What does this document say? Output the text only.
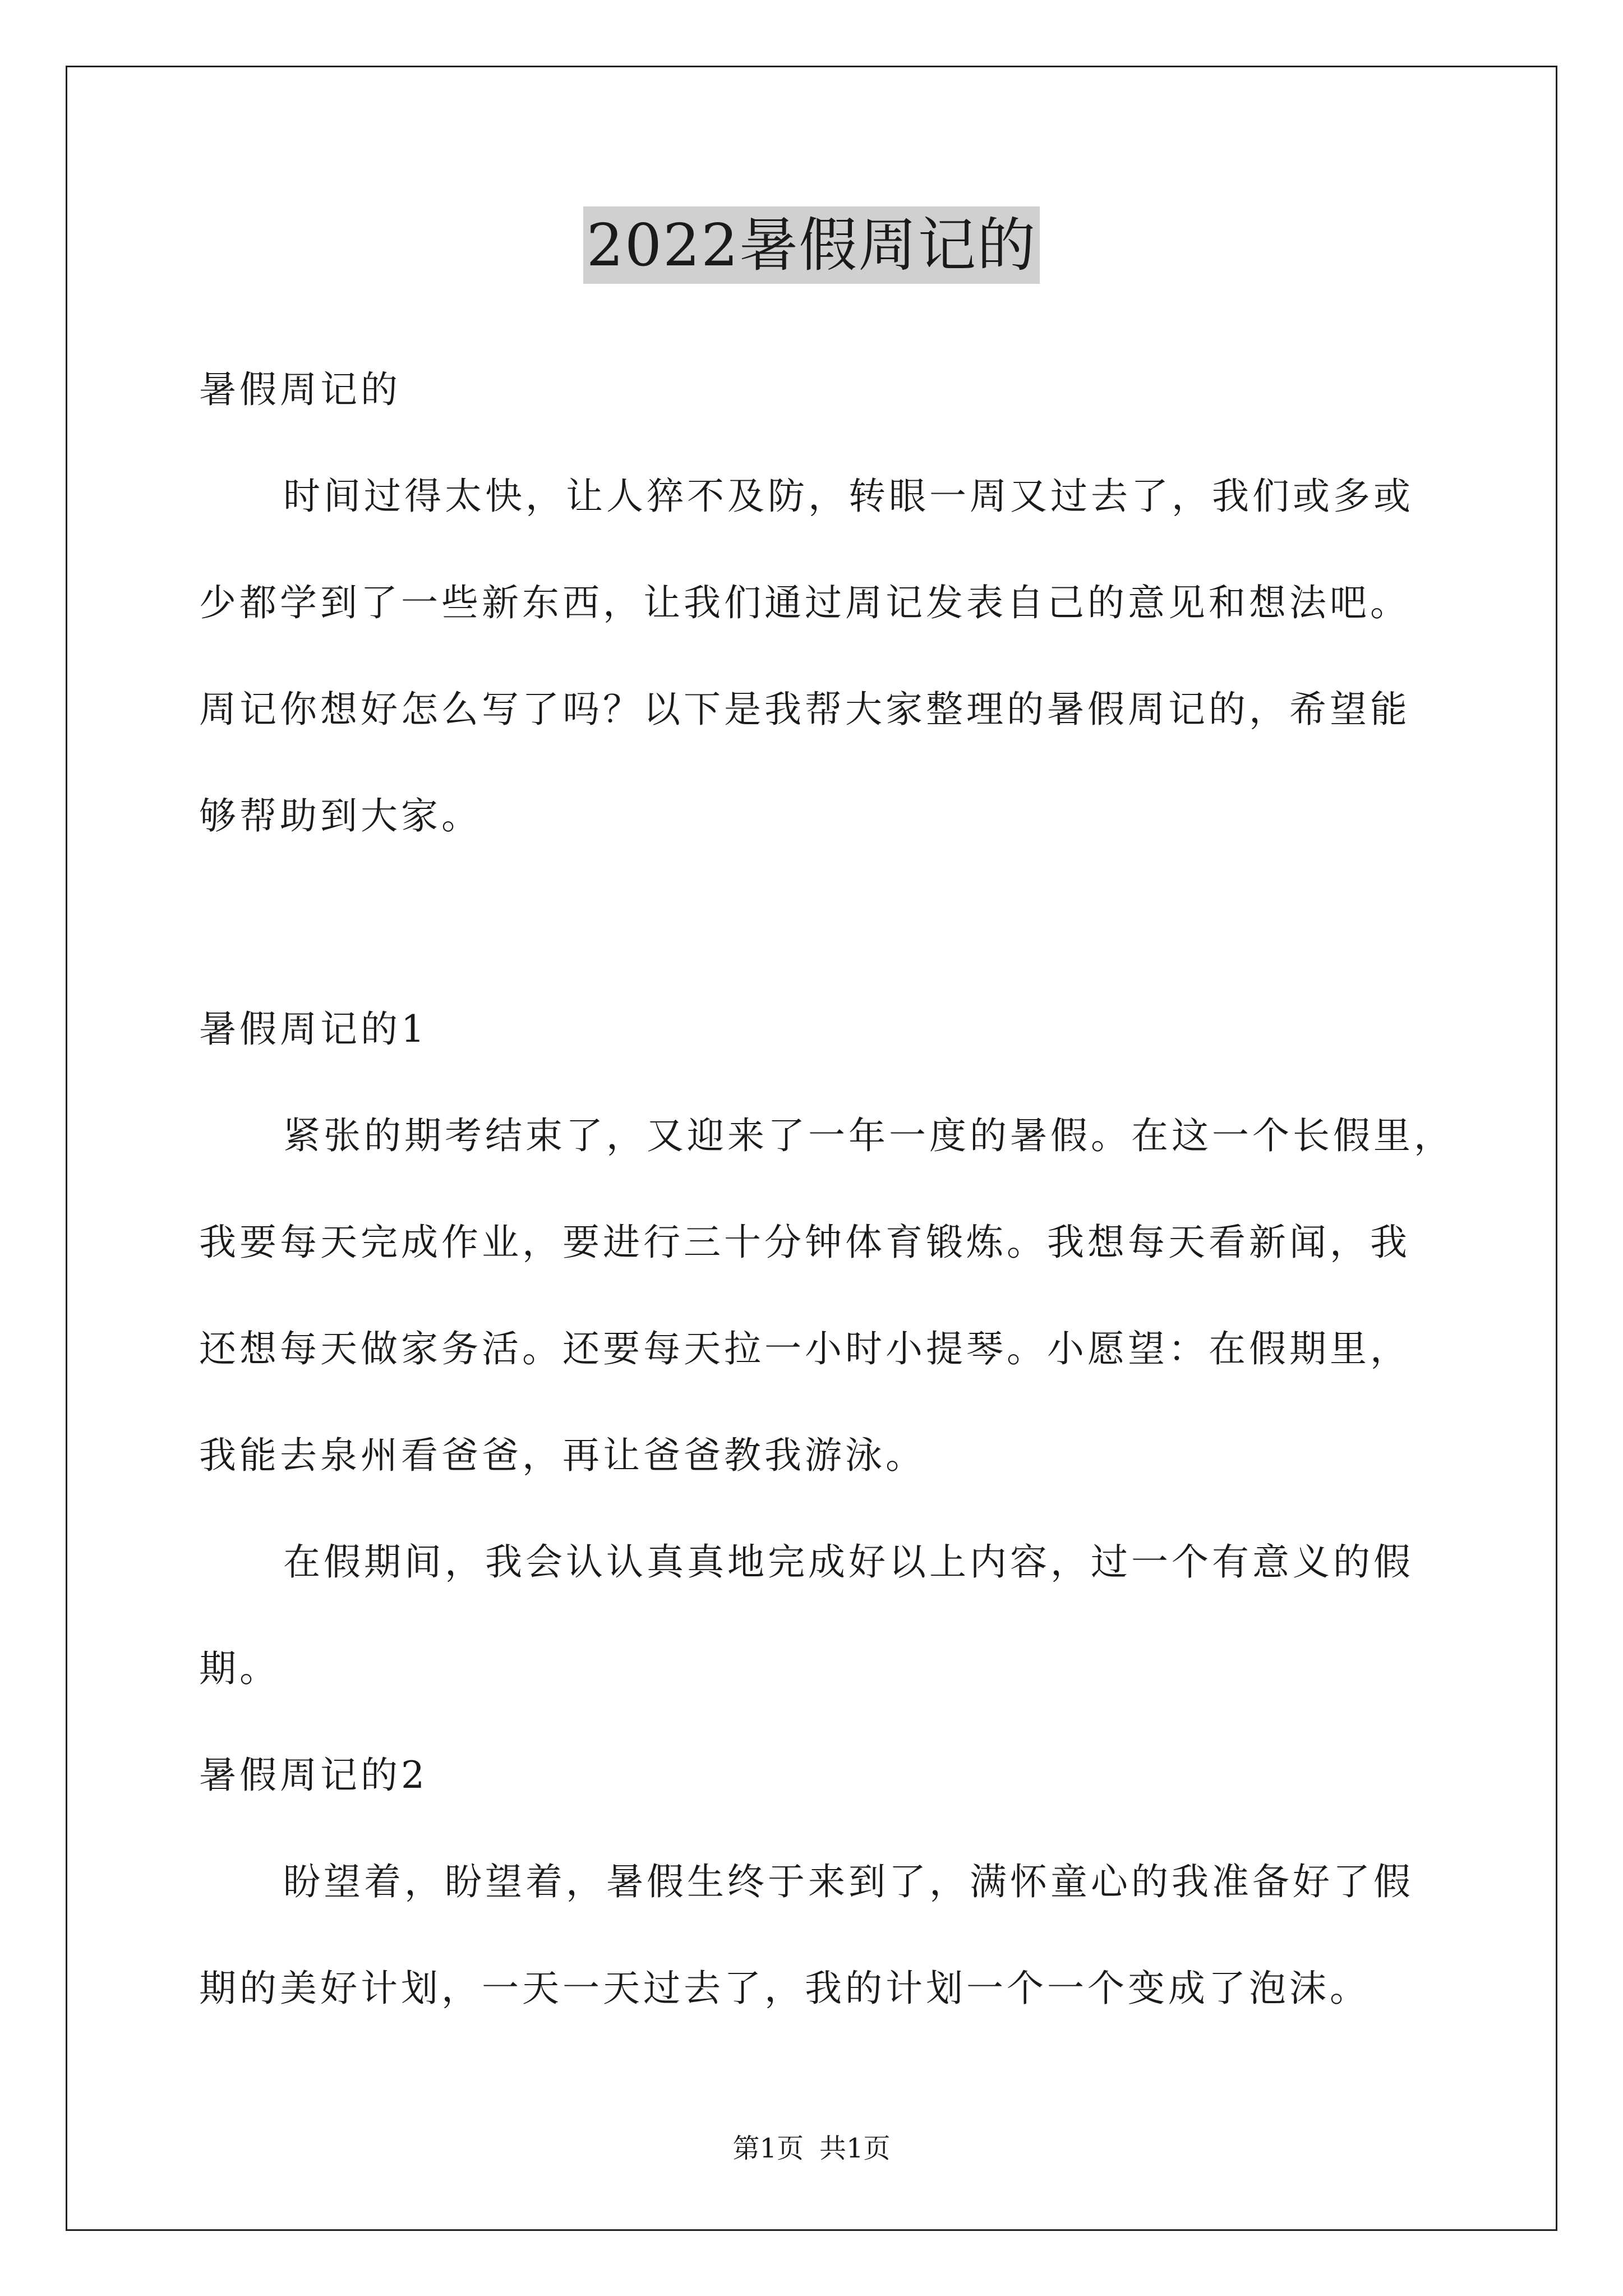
2022暑假周记的
暑假周记的
时间过得太快，让人猝不及防，转眼一周又过去了，我们或多或
少都学到了一些新东西，让我们通过周记发表自己的意见和想法吧。
周记你想好怎么写了吗？以下是我帮大家整理的暑假周记的，希望能
够帮助到大家。
暑假周记的1
紧张的期考结束了，又迎来了一年一度的暑假。在这一个长假里，
我要每天完成作业，要进行三十分钟体育锻炼。我想每天看新闻，我
还想每天做家务活。还要每天拉一小时小提琴。小愿望：在假期里，
我能去泉州看爸爸，再让爸爸教我游泳。
在假期间，我会认认真真地完成好以上内容，过一个有意义的假
期。
暑假周记的2
盼望着，盼望着，暑假生终于来到了，满怀童心的我准备好了假
期的美好计划，一天一天过去了，我的计划一个一个变成了泡沫。
第1页 共1页
